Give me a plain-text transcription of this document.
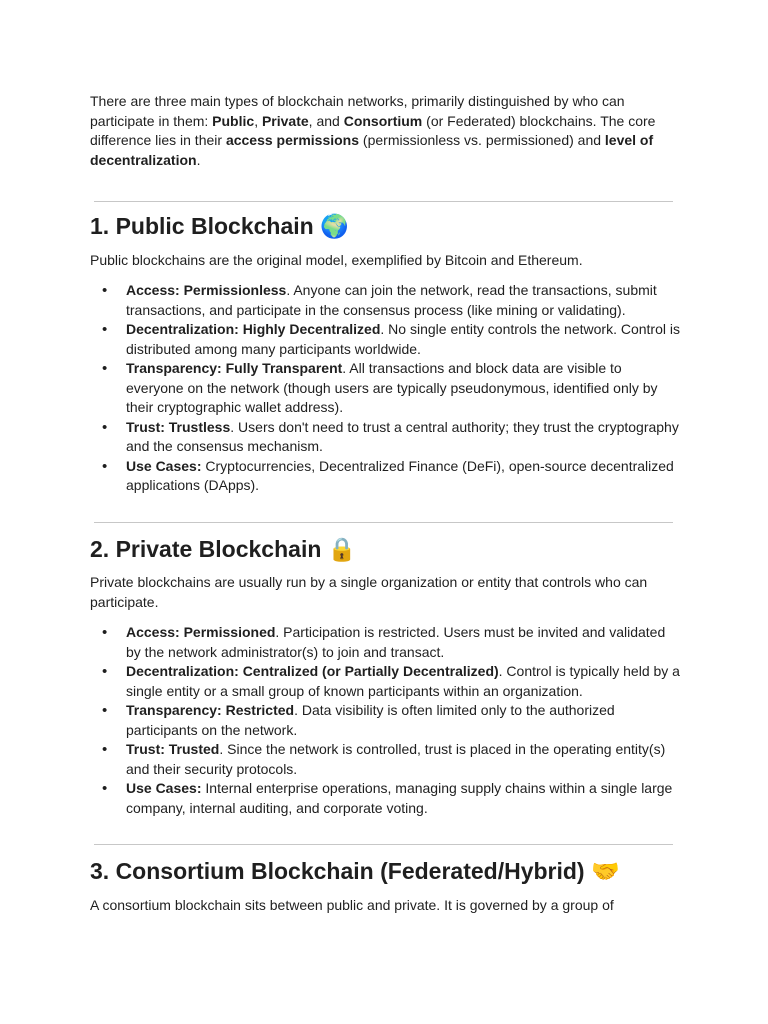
There are three main types of blockchain networks, primarily distinguished by who can participate in them: Public, Private, and Consortium (or Federated) blockchains. The core difference lies in their access permissions (permissionless vs. permissioned) and level of decentralization.

1. Public Blockchain 🌍

Public blockchains are the original model, exemplified by Bitcoin and Ethereum.

• Access: Permissionless. Anyone can join the network, read the transactions, submit transactions, and participate in the consensus process (like mining or validating).
• Decentralization: Highly Decentralized. No single entity controls the network. Control is distributed among many participants worldwide.
• Transparency: Fully Transparent. All transactions and block data are visible to everyone on the network (though users are typically pseudonymous, identified only by their cryptographic wallet address).
• Trust: Trustless. Users don't need to trust a central authority; they trust the cryptography and the consensus mechanism.
• Use Cases: Cryptocurrencies, Decentralized Finance (DeFi), open-source decentralized applications (DApps).
2. Private Blockchain 🔒

Private blockchains are usually run by a single organization or entity that controls who can participate.

• Access: Permissioned. Participation is restricted. Users must be invited and validated by the network administrator(s) to join and transact.
• Decentralization: Centralized (or Partially Decentralized). Control is typically held by a single entity or a small group of known participants within an organization.
• Transparency: Restricted. Data visibility is often limited only to the authorized participants on the network.
• Trust: Trusted. Since the network is controlled, trust is placed in the operating entity(s) and their security protocols.
• Use Cases: Internal enterprise operations, managing supply chains within a single large company, internal auditing, and corporate voting.
3. Consortium Blockchain (Federated/Hybrid) 🤝

A consortium blockchain sits between public and private. It is governed by a group of
